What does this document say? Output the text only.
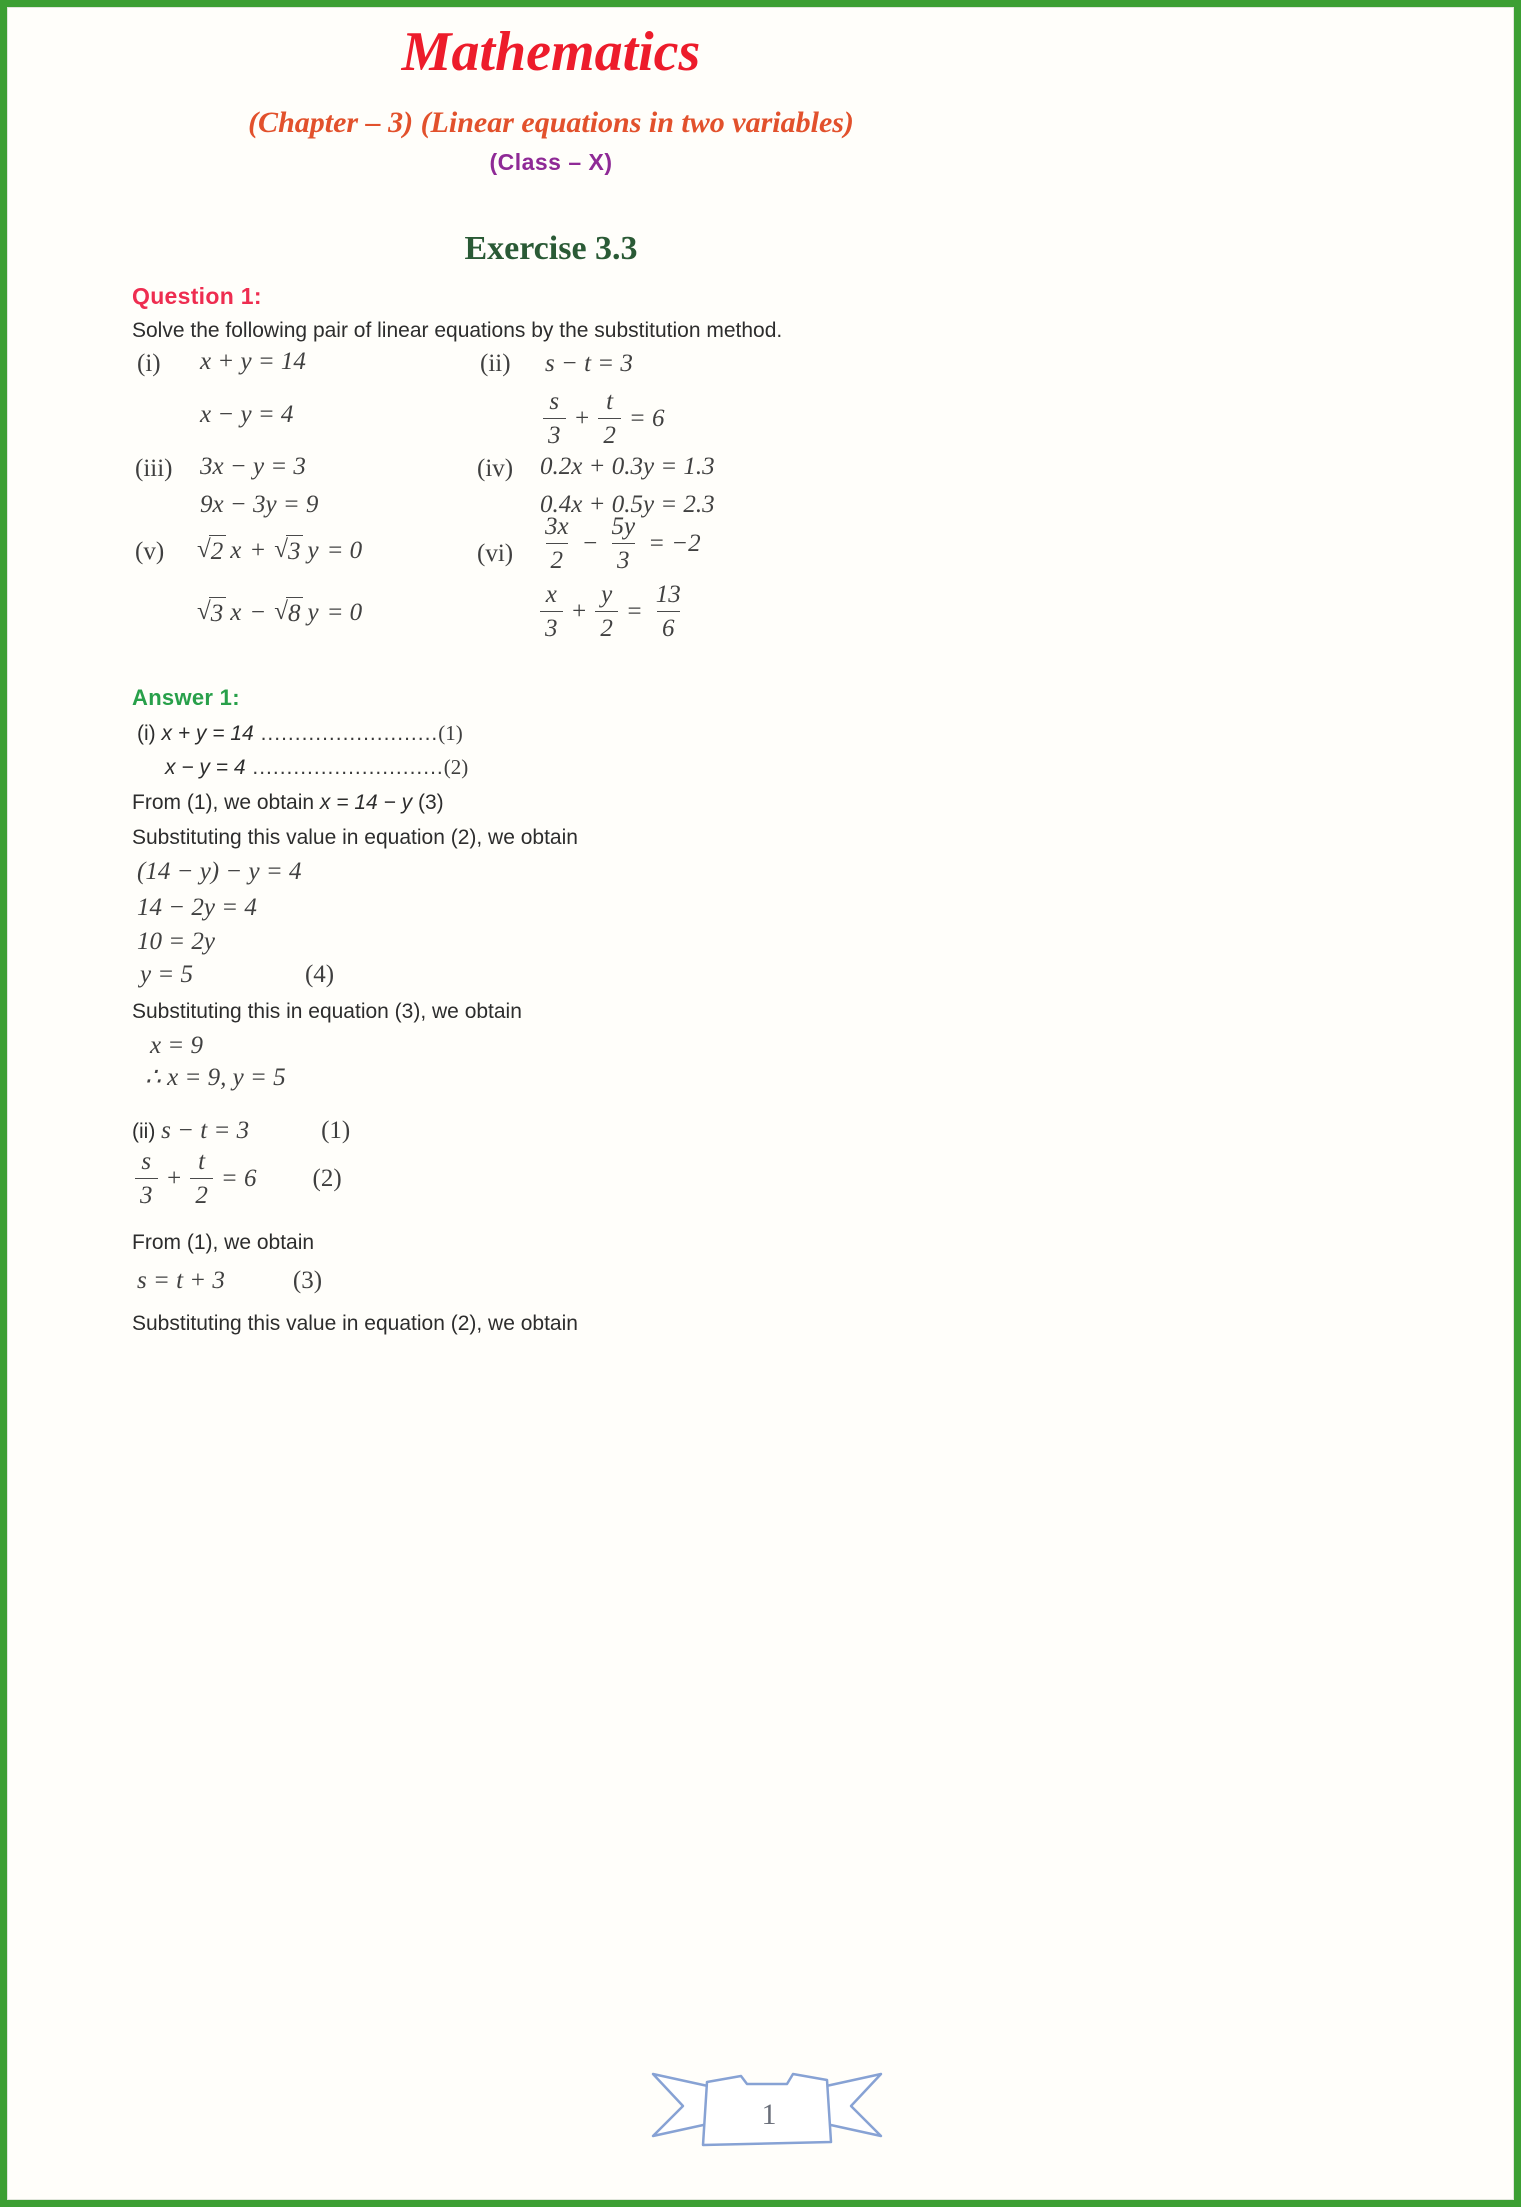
Mathematics
(Chapter – 3) (Linear equations in two variables)
(Class – X)
Exercise 3.3
Question 1:
Solve the following pair of linear equations by the substitution method.
(i) x + y = 14
x − y = 4
(ii) s − t = 3
$\frac{s}{3} + \frac{t}{2} = 6$
(iii) 3x − y = 3
9x − 3y = 9
(iv) 0.2x + 0.3y = 1.3
0.4x + 0.5y = 2.3
(v) √ 2 x + √ 3 y = 0
√ 3 x − √ 8 y = 0
$(vi) \frac{3x}{2} - \frac{5y}{3} = -2$
$\frac{x}{3} + \frac{y}{2} = \frac{13}{6}$
Answer 1:
(i) x + y = 14 ..........................(1)
x − y = 4 ............................(2)
From (1), we obtain x = 14 − y (3)
Substituting this value in equation (2), we obtain
(14 − y) − y = 4
14 − 2y = 4
10 = 2y
y = 5	(4)
Substituting this in equation (3), we obtain
x = 9
∴ x = 9, y = 5
(ii) s − t = 3	(1)
$\frac{s}{3} + \frac{t}{2} = 6$ (2)
From (1), we obtain
s = t + 3	(3)
Substituting this value in equation (2), we obtain
1
